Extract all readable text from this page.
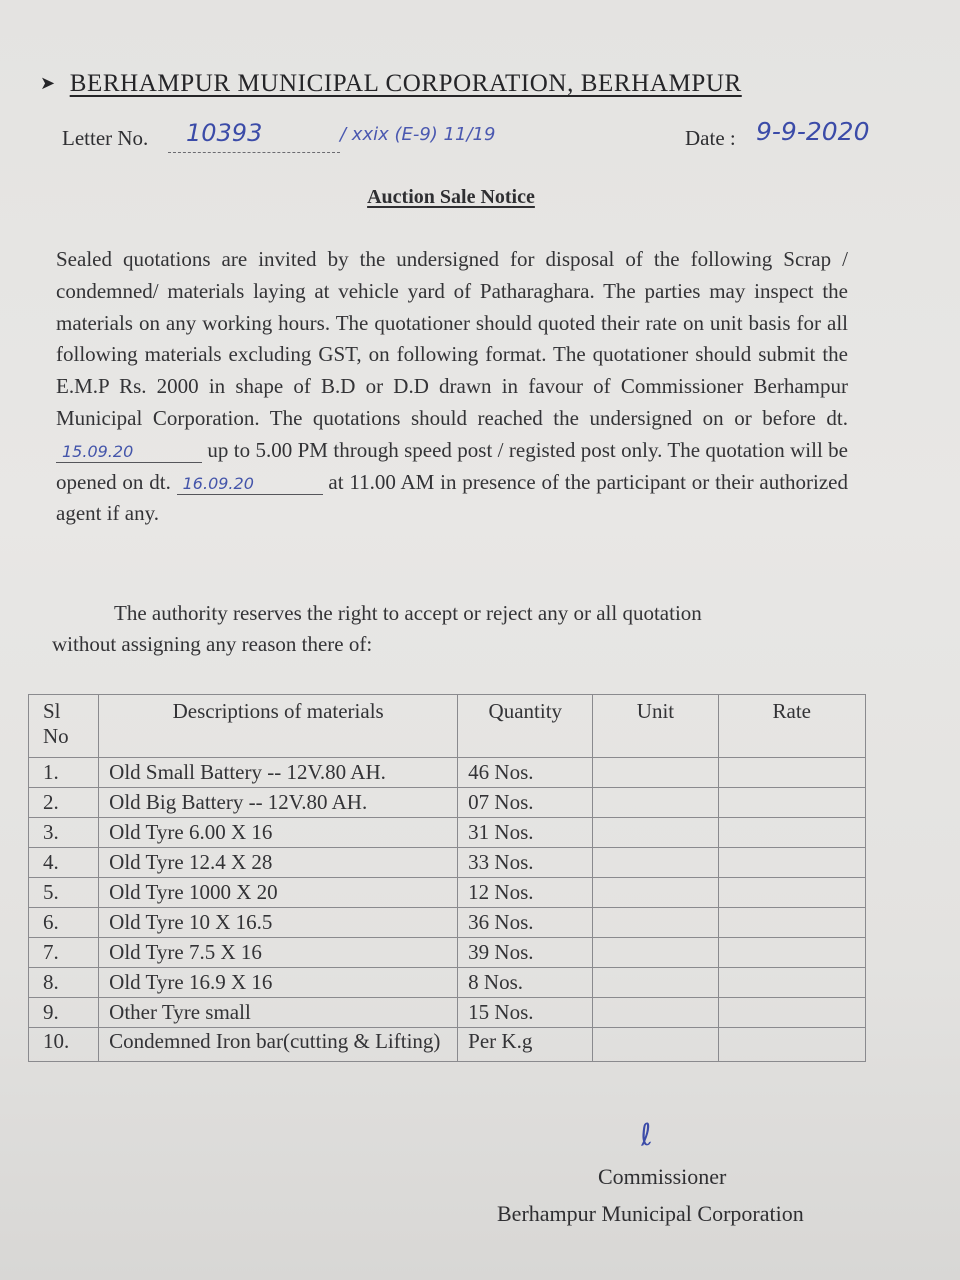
➤ BERHAMPUR MUNICIPAL CORPORATION, BERHAMPUR
Letter No.	10393	/ xxix (E-9) 11/19	Date : 9-9-2020
Auction Sale Notice

Sealed quotations are invited by the undersigned for disposal of the following Scrap / condemned/ materials laying at vehicle yard of Patharaghara. The parties may inspect the materials on any working hours. The quotationer should quoted their rate on unit basis for all following materials excluding GST, on following format. The quotationer should submit the E.M.P Rs. 2000 in shape of B.D or D.D drawn in favour of Commissioner Berhampur Municipal Corporation. The quotations should reached the undersigned on or before dt. 15.09.20	up to 5.00 PM through speed post / registed post only. The quotation will be opened on dt. 16.09.20	at 11.00 AM in presence of the participant or their authorized agent if any.

The authority reserves the right to accept or reject any or all quotation
without assigning any reason there of:
Sl
No	Descriptions of materials	Quantity	Unit	Rate
1.	Old Small Battery -- 12V.80 AH.	46 Nos.		
2.	Old Big Battery -- 12V.80 AH.	07 Nos.		
3.	Old Tyre 6.00 X 16	31 Nos.		
4.	Old Tyre 12.4 X 28	33 Nos.		
5.	Old Tyre 1000 X 20	12 Nos.		
6.	Old Tyre 10 X 16.5	36 Nos.		
7.	Old Tyre 7.5 X 16	39 Nos.		
8.	Old Tyre 16.9 X 16	8 Nos.		
9.	Other Tyre small	15 Nos.		
10.	Condemned Iron bar(cutting & Lifting)	Per K.g		
ℓ
Commissioner
Berhampur Municipal Corporation
